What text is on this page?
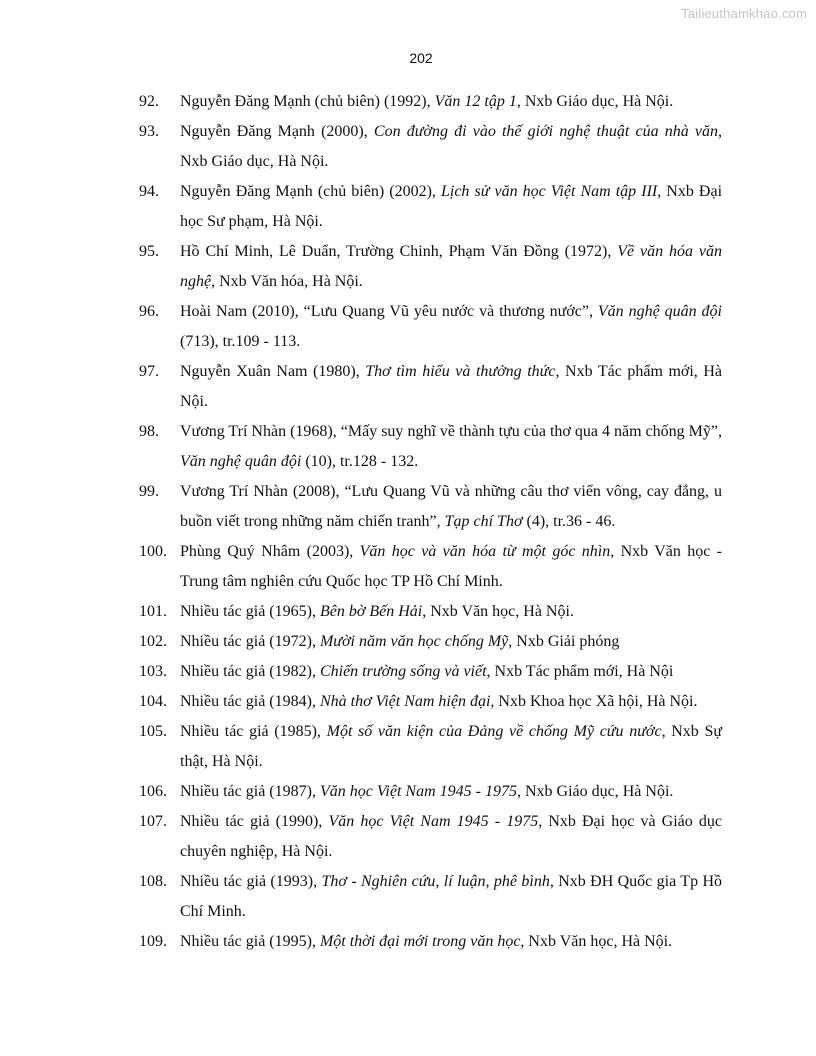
Tailieuthamkhao.com
202
92. Nguyễn Đăng Mạnh (chủ biên) (1992), Văn 12 tập 1, Nxb Giáo dục, Hà Nội.
93. Nguyễn Đăng Mạnh (2000), Con đường đi vào thế giới nghệ thuật của nhà văn, Nxb Giáo dục, Hà Nội.
94. Nguyễn Đăng Mạnh (chủ biên) (2002), Lịch sử văn học Việt Nam tập III, Nxb Đại học Sư phạm, Hà Nội.
95. Hồ Chí Minh, Lê Duẩn, Trường Chinh, Phạm Văn Đồng (1972), Về văn hóa văn nghệ, Nxb Văn hóa, Hà Nội.
96. Hoài Nam (2010), “Lưu Quang Vũ yêu nước và thương nước”, Văn nghệ quân đội (713), tr.109 - 113.
97. Nguyễn Xuân Nam (1980), Thơ tìm hiểu và thưởng thức, Nxb Tác phẩm mới, Hà Nội.
98. Vương Trí Nhàn (1968), “Mấy suy nghĩ về thành tựu của thơ qua 4 năm chống Mỹ”, Văn nghệ quân đội (10), tr.128 - 132.
99. Vương Trí Nhàn (2008), “Lưu Quang Vũ và những câu thơ viển vông, cay đắng, u buồn viết trong những năm chiến tranh”, Tạp chí Thơ (4), tr.36 - 46.
100. Phùng Quý Nhâm (2003), Văn học và văn hóa từ một góc nhìn, Nxb Văn học - Trung tâm nghiên cứu Quốc học TP Hồ Chí Minh.
101. Nhiều tác giả (1965), Bên bờ Bến Hải, Nxb Văn học, Hà Nội.
102. Nhiều tác giả (1972), Mười năm văn học chống Mỹ, Nxb Giải phóng
103. Nhiều tác giả (1982), Chiến trường sống và viết, Nxb Tác phẩm mới, Hà Nội
104. Nhiều tác giả (1984), Nhà thơ Việt Nam hiện đại, Nxb Khoa học Xã hội, Hà Nội.
105. Nhiều tác giả (1985), Một số văn kiện của Đảng về chống Mỹ cứu nước, Nxb Sự thật, Hà Nội.
106. Nhiều tác giả (1987), Văn học Việt Nam 1945 - 1975, Nxb Giáo dục, Hà Nội.
107. Nhiều tác giả (1990), Văn học Việt Nam 1945 - 1975, Nxb Đại học và Giáo dục chuyên nghiệp, Hà Nội.
108. Nhiều tác giả (1993), Thơ - Nghiên cứu, lí luận, phê bình, Nxb ĐH Quốc gia Tp Hồ Chí Minh.
109. Nhiều tác giả (1995), Một thời đại mới trong văn học, Nxb Văn học, Hà Nội.
